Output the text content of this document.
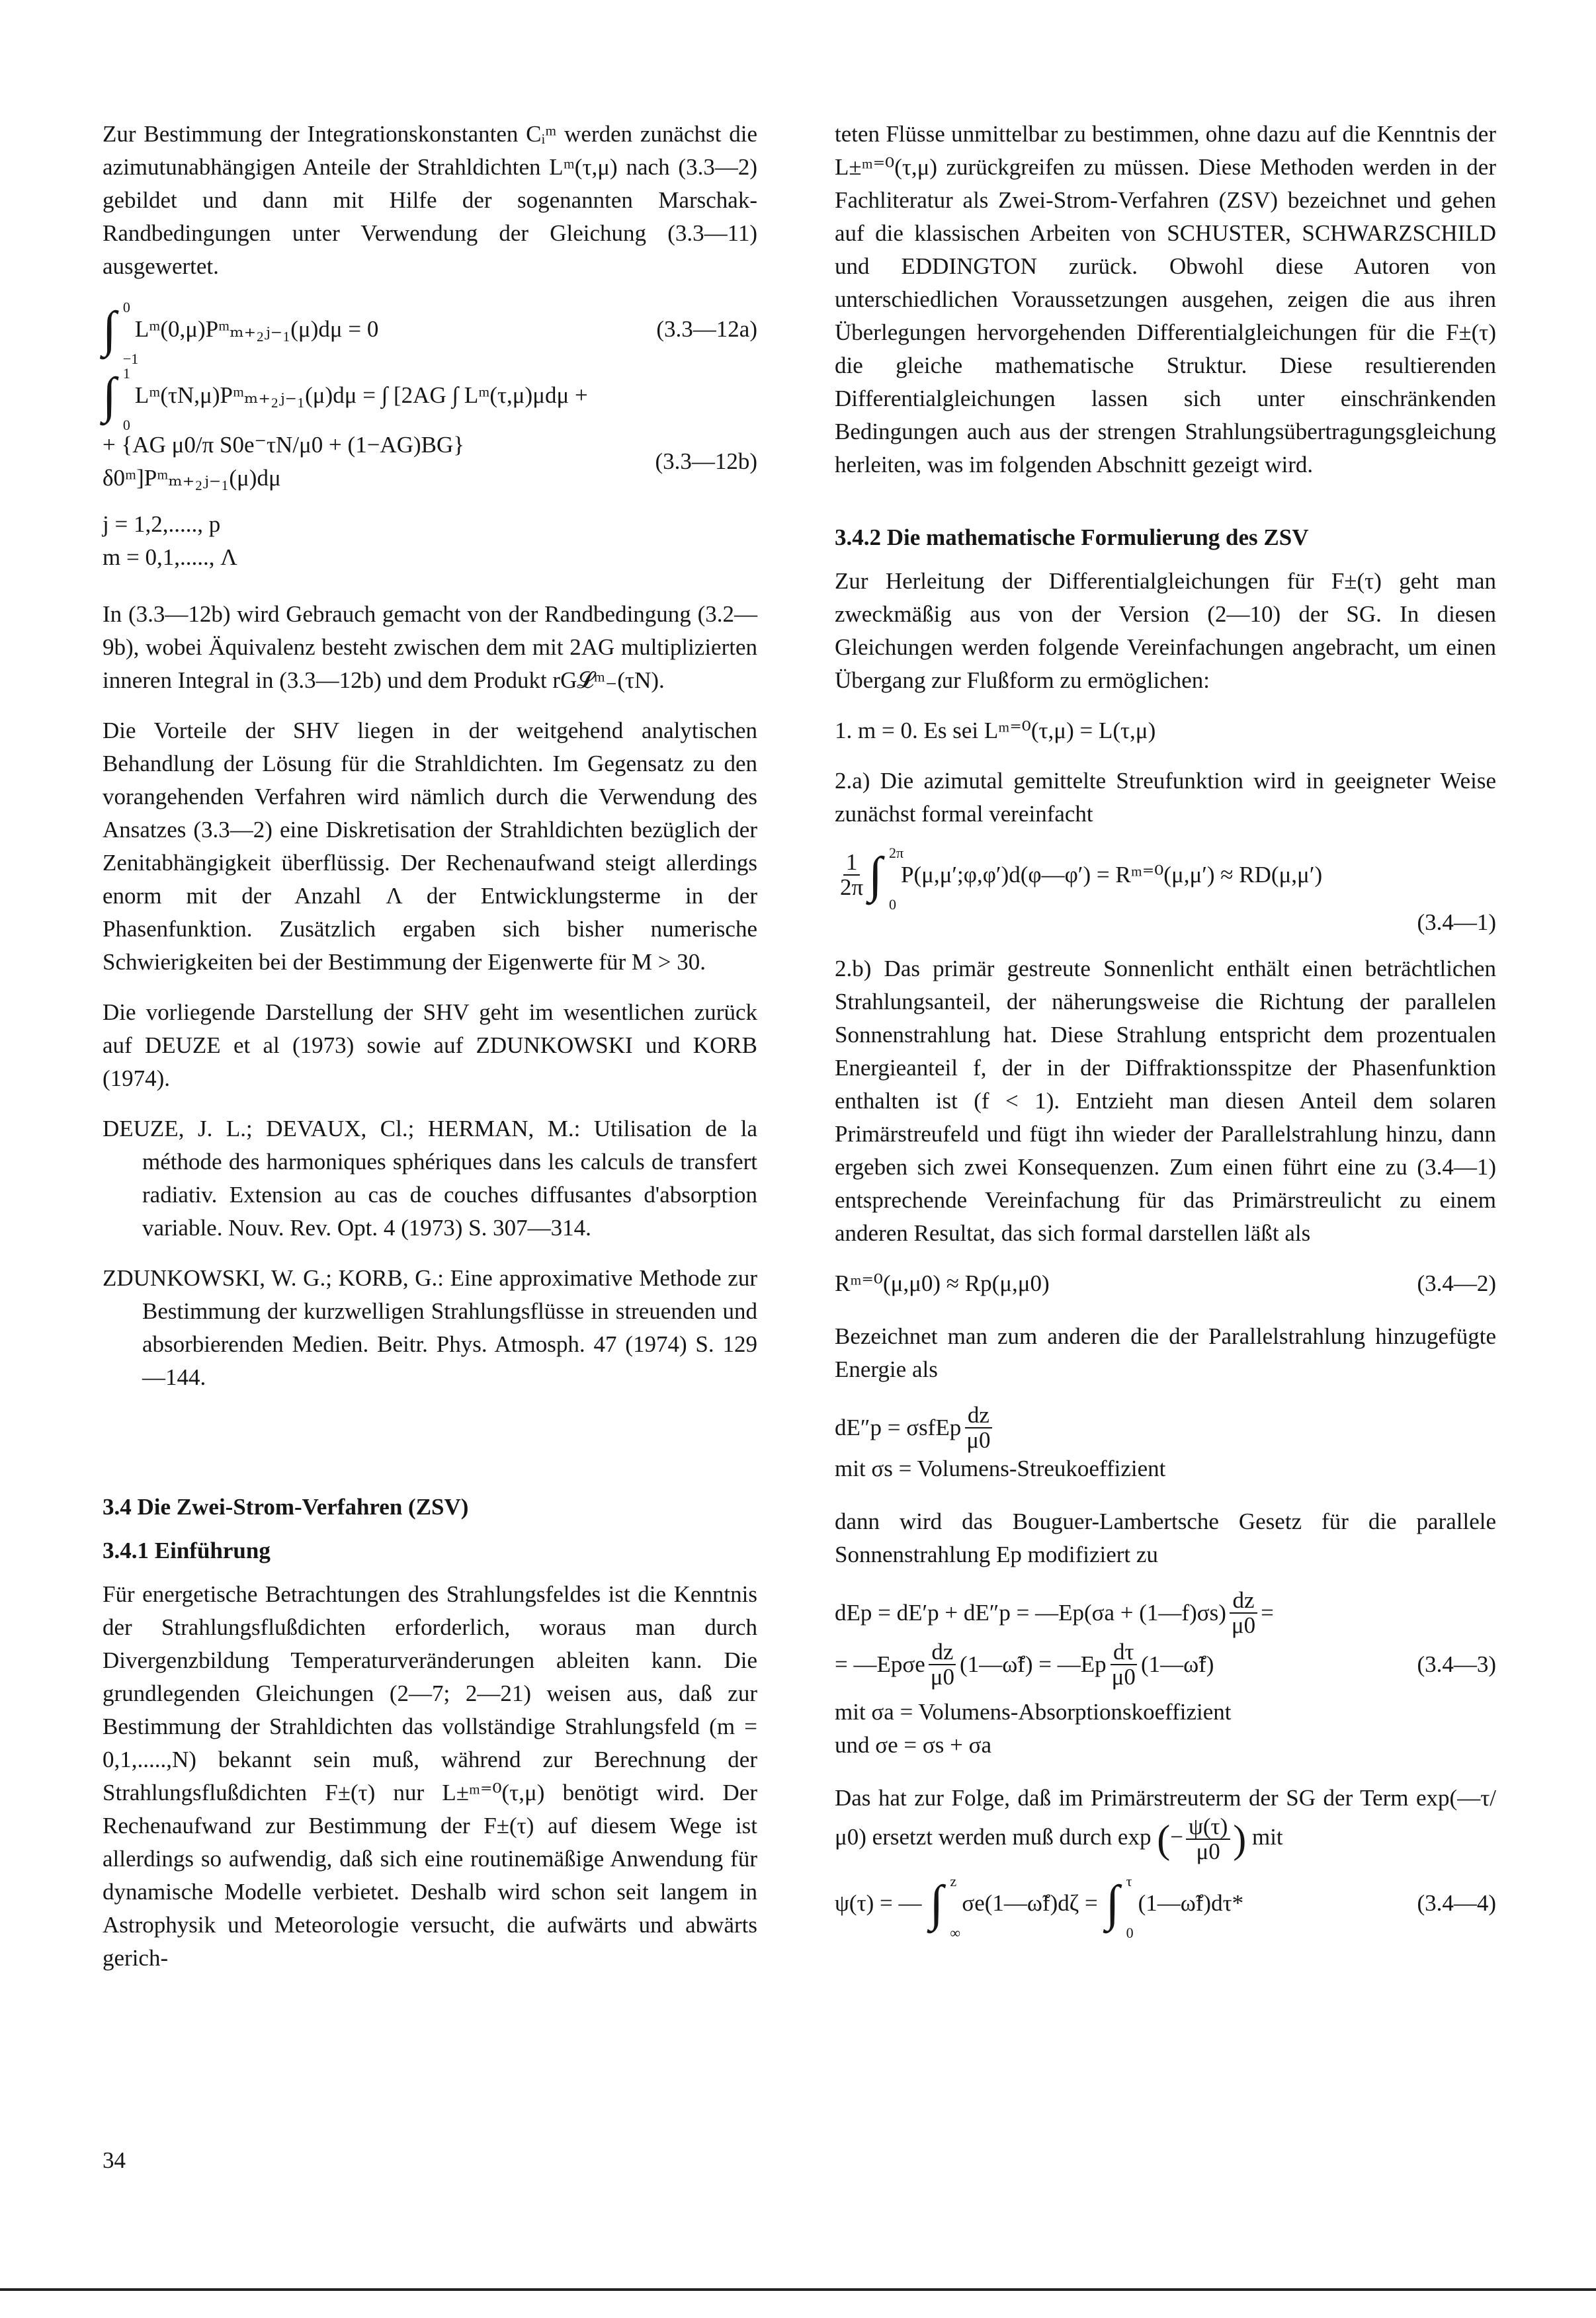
Zur Bestimmung der Integrationskonstanten Cᵢᵐ werden zunächst die azimutunabhängigen Anteile der Strahldichten Lᵐ(τ,μ) nach (3.3—2) gebildet und dann mit Hilfe der sogenannten Marschak-Randbedingungen unter Verwendung der Gleichung (3.3—11) ausgewertet.

∫ 0
−1
Lᵐ(0,μ)Pᵐₘ₊₂ⱼ₋₁(μ)dμ = 0	(3.3—12a)
∫ 1
0
Lᵐ(τN,μ)Pᵐₘ₊₂ⱼ₋₁(μ)dμ = ∫ [2AG ∫ Lᵐ(τ,μ)μdμ +
+ {AG μ0/π S0e⁻τN/μ0 + (1−AG)BG}δ0ᵐ]Pᵐₘ₊₂ⱼ₋₁(μ)dμ
(3.3—12b)
j = 1,2,....., p
m = 0,1,....., Λ

In (3.3—12b) wird Gebrauch gemacht von der Randbedingung (3.2—9b), wobei Äquivalenz besteht zwischen dem mit 2AG multiplizierten inneren Integral in (3.3—12b) und dem Produkt rG𝓛ᵐ₋(τN).

Die Vorteile der SHV liegen in der weitgehend analytischen Behandlung der Lösung für die Strahldichten. Im Gegensatz zu den vorangehenden Verfahren wird nämlich durch die Verwendung des Ansatzes (3.3—2) eine Diskretisation der Strahldichten bezüglich der Zenitabhängigkeit überflüssig. Der Rechenaufwand steigt allerdings enorm mit der Anzahl Λ der Entwicklungsterme in der Phasenfunktion. Zusätzlich ergaben sich bisher numerische Schwierigkeiten bei der Bestimmung der Eigenwerte für M > 30.

Die vorliegende Darstellung der SHV geht im wesentlichen zurück auf DEUZE et al (1973) sowie auf ZDUNKOWSKI und KORB (1974).

DEUZE, J. L.; DEVAUX, Cl.; HERMAN, M.: Utilisation de la méthode des harmoniques sphériques dans les calculs de transfert radiativ. Extension au cas de couches diffusantes d'absorption variable. Nouv. Rev. Opt. 4 (1973) S. 307—314.

ZDUNKOWSKI, W. G.; KORB, G.: Eine approximative Methode zur Bestimmung der kurzwelligen Strahlungsflüsse in streuenden und absorbierenden Medien. Beitr. Phys. Atmosph. 47 (1974) S. 129—144.

3.4 Die Zwei-Strom-Verfahren (ZSV)
3.4.1 Einführung

Für energetische Betrachtungen des Strahlungsfeldes ist die Kenntnis der Strahlungsflußdichten erforderlich, woraus man durch Divergenzbildung Temperaturveränderungen ableiten kann. Die grundlegenden Gleichungen (2—7; 2—21) weisen aus, daß zur Bestimmung der Strahldichten das vollständige Strahlungsfeld (m = 0,1,.....,N) bekannt sein muß, während zur Berechnung der Strahlungsflußdichten F±(τ) nur L±ᵐ⁼⁰(τ,μ) benötigt wird. Der Rechenaufwand zur Bestimmung der F±(τ) auf diesem Wege ist allerdings so aufwendig, daß sich eine routinemäßige Anwendung für dynamische Modelle verbietet. Deshalb wird schon seit langem in Astrophysik und Meteorologie versucht, die aufwärts und abwärts gerich-

teten Flüsse unmittelbar zu bestimmen, ohne dazu auf die Kenntnis der L±ᵐ⁼⁰(τ,μ) zurückgreifen zu müssen. Diese Methoden werden in der Fachliteratur als Zwei-Strom-Verfahren (ZSV) bezeichnet und gehen auf die klassischen Arbeiten von SCHUSTER, SCHWARZSCHILD und EDDINGTON zurück. Obwohl diese Autoren von unterschiedlichen Voraussetzungen ausgehen, zeigen die aus ihren Überlegungen hervorgehenden Differentialgleichungen für die F±(τ) die gleiche mathematische Struktur. Diese resultierenden Differentialgleichungen lassen sich unter einschränkenden Bedingungen auch aus der strengen Strahlungsübertragungsgleichung herleiten, was im folgenden Abschnitt gezeigt wird.

3.4.2 Die mathematische Formulierung des ZSV

Zur Herleitung der Differentialgleichungen für F±(τ) geht man zweckmäßig aus von der Version (2—10) der SG. In diesen Gleichungen werden folgende Vereinfachungen angebracht, um einen Übergang zur Flußform zu ermöglichen:

1. m = 0. Es sei Lᵐ⁼⁰(τ,μ) = L(τ,μ)

2.a) Die azimutal gemittelte Streufunktion wird in geeigneter Weise zunächst formal vereinfacht

$\frac{1}{2\pi}$ ∫ 2π
0
P(μ,μ′;φ,φ′)d(φ—φ′) = Rᵐ⁼⁰(μ,μ′) ≈ RD(μ,μ′)
(3.4—1)

2.b) Das primär gestreute Sonnenlicht enthält einen beträchtlichen Strahlungsanteil, der näherungsweise die Richtung der parallelen Sonnenstrahlung hat. Diese Strahlung entspricht dem prozentualen Energieanteil f, der in der Diffraktionsspitze der Phasenfunktion enthalten ist (f < 1). Entzieht man diesen Anteil dem solaren Primärstreufeld und fügt ihn wieder der Parallelstrahlung hinzu, dann ergeben sich zwei Konsequenzen. Zum einen führt eine zu (3.4—1) entsprechende Vereinfachung für das Primärstreulicht zu einem anderen Resultat, das sich formal darstellen läßt als

Rᵐ⁼⁰(μ,μ0) ≈ Rp(μ,μ0)	(3.4—2)

Bezeichnet man zum anderen die der Parallelstrahlung hinzugefügte Energie als

dE″p = σsfEp $\frac{dz}{\mu 0}$
mit σs = Volumens-Streukoeffizient

dann wird das Bouguer-Lambertsche Gesetz für die parallele Sonnenstrahlung Ep modifiziert zu

dEp = dE′p + dE″p = —Ep(σa + (1—f)σs) $\frac{dz}{\mu 0}$ =
= —Epσe $\frac{dz}{\mu 0}$ (1—ω̃f) = —Ep $\frac{d\tau}{\mu 0}$ (1—ω̃f)	(3.4—3)
mit σa = Volumens-Absorptionskoeffizient
und σe = σs + σa

Das hat zur Folge, daß im Primärstreuterm der SG der Term exp(—τ/μ0) ersetzt werden muß durch exp (− $\frac{\psi(\tau)}{\mu 0}$ ) mit

ψ(τ) = — ∫ z
∞
σe(1—ω̃f)dζ = ∫ τ
0
(1—ω̃f)dτ*	(3.4—4)
34
